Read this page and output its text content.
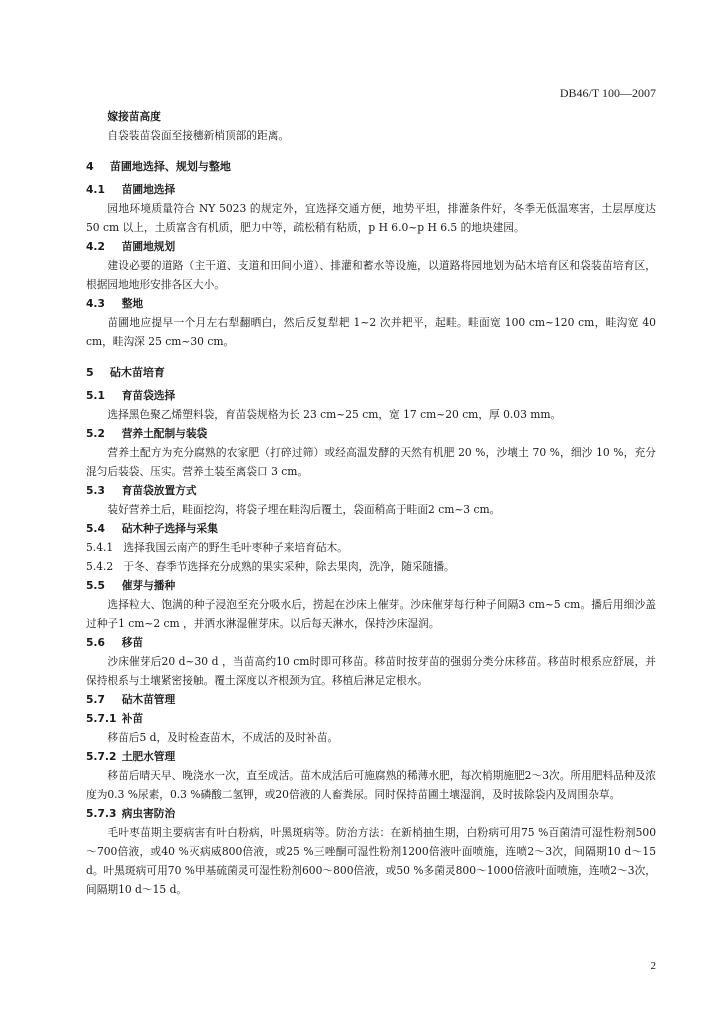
DB46/T 100—2007

嫁接苗高度

自袋装苗袋面至接穗新梢顶部的距离。

4 苗圃地选择、规划与整地

4.1 苗圃地选择

园地环境质量符合 NY 5023 的规定外，宜选择交通方便，地势平坦，排灌条件好，冬季无低温寒害，土层厚度达 50 cm 以上，土质富含有机质，肥力中等，疏松稍有粘质，p H 6.0~p H 6.5 的地块建园。

4.2 苗圃地规划

建设必要的道路（主干道、支道和田间小道）、排灌和蓄水等设施，以道路将园地划为砧木培育区和袋装苗培育区，根据园地地形安排各区大小。

4.3 整地

苗圃地应提早一个月左右犁翻晒白，然后反复犁耙 1~2 次并耙平，起畦。畦面宽 100 cm~120 cm，畦沟宽 40 cm，畦沟深 25 cm~30 cm。

5 砧木苗培育

5.1 育苗袋选择

选择黑色聚乙烯塑料袋，育苗袋规格为长 23 cm~25 cm，宽 17 cm~20 cm，厚 0.03 mm。

5.2 营养土配制与装袋

营养土配方为充分腐熟的农家肥（打碎过筛）或经高温发酵的天然有机肥 20 %，沙壤土 70 %，细沙 10 %，充分混匀后装袋、压实。营养土装至离袋口 3 cm。

5.3 育苗袋放置方式

装好营养土后，畦面挖沟，将袋子埋在畦沟后覆土，袋面稍高于畦面2 cm~3 cm。

5.4 砧木种子选择与采集

5.4.1 选择我国云南产的野生毛叶枣种子来培育砧木。

5.4.2 于冬、春季节选择充分成熟的果实采种，除去果肉，洗净，随采随播。

5.5 催芽与播种

选择粒大、饱满的种子浸泡至充分吸水后，捞起在沙床上催芽。沙床催芽每行种子间隔3 cm~5 cm。播后用细沙盖过种子1 cm~2 cm ，并洒水淋湿催芽床。以后每天淋水，保持沙床湿润。

5.6 移苗

沙床催芽后20 d~30 d ，当苗高约10 cm时即可移苗。移苗时按芽苗的强弱分类分床移苗。移苗时根系应舒展，并保持根系与土壤紧密接触。覆土深度以齐根颈为宜。移植后淋足定根水。

5.7 砧木苗管理

5.7.1 补苗

移苗后5 d，及时检查苗木，不成活的及时补苗。

5.7.2 土肥水管理

移苗后晴天早、晚浇水一次，直至成活。苗木成活后可施腐熟的稀薄水肥，每次梢期施肥2～3次。所用肥料品种及浓度为0.3 %尿素，0.3 %磷酸二氢钾，或20倍液的人畜粪尿。同时保持苗圃土壤湿润，及时拔除袋内及周围杂草。

5.7.3 病虫害防治

毛叶枣苗期主要病害有叶白粉病，叶黑斑病等。防治方法：在新梢抽生期，白粉病可用75 %百菌清可湿性粉剂500～700倍液，或40 %灭病威800倍液，或25 %三唑酮可湿性粉剂1200倍液叶面喷施，连喷2～3次，间隔期10 d～15 d。叶黑斑病可用70 %甲基硫菌灵可湿性粉剂600～800倍液，或50 %多菌灵800～1000倍液叶面喷施，连喷2～3次，间隔期10 d～15 d。

2
